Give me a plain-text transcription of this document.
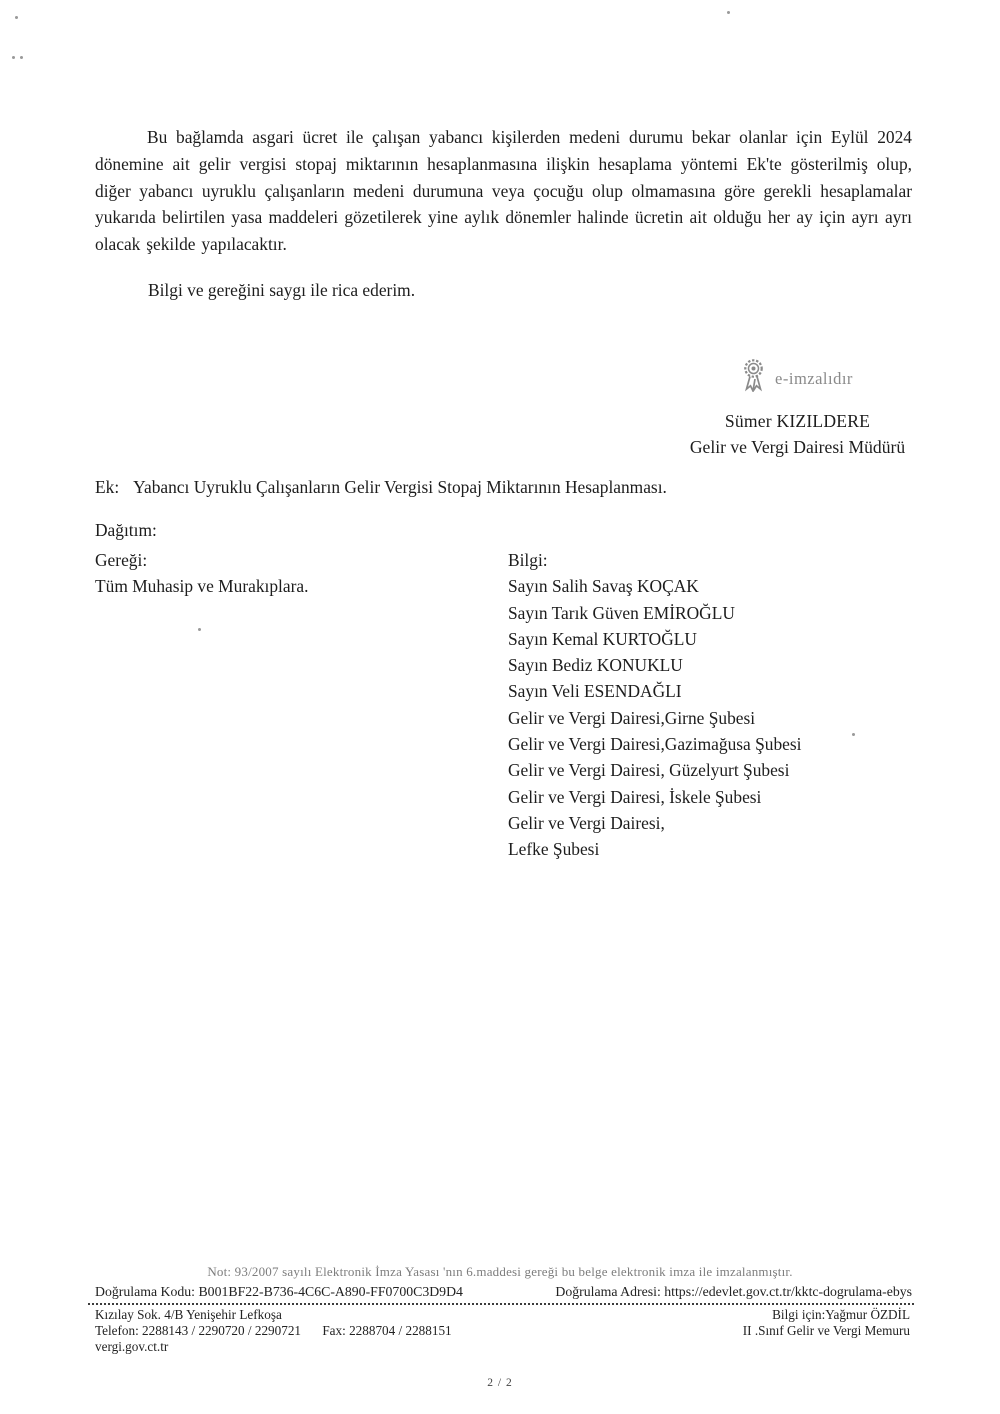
Bu bağlamda asgari ücret ile çalışan yabancı kişilerden medeni durumu bekar olanlar için Eylül 2024 dönemine ait gelir vergisi stopaj miktarının hesaplanmasına ilişkin hesaplama yöntemi Ek'te gösterilmiş olup, diğer yabancı uyruklu çalışanların medeni durumuna veya çocuğu olup olmamasına göre gerekli hesaplamalar yukarıda belirtilen yasa maddeleri gözetilerek yine aylık dönemler halinde ücretin ait olduğu her ay için ayrı ayrı olacak şekilde yapılacaktır.

Bilgi ve gereğini saygı ile rica ederim.

e-imzalıdır
Sümer KIZILDERE
Gelir ve Vergi Dairesi Müdürü

Ek: Yabancı Uyruklu Çalışanların Gelir Vergisi Stopaj Miktarının Hesaplanması.

Dağıtım:

Gereği:
Tüm Muhasip ve Murakıplara.
Bilgi:
Sayın Salih Savaş KOÇAK
Sayın Tarık Güven EMİROĞLU
Sayın Kemal KURTOĞLU
Sayın Bediz KONUKLU
Sayın Veli ESENDAĞLI
Gelir ve Vergi Dairesi,Girne Şubesi
Gelir ve Vergi Dairesi,Gazimağusa Şubesi
Gelir ve Vergi Dairesi, Güzelyurt Şubesi
Gelir ve Vergi Dairesi, İskele Şubesi
Gelir ve Vergi Dairesi,
Lefke Şubesi

Not: 93/2007 sayılı Elektronik İmza Yasası 'nın 6.maddesi gereği bu belge elektronik imza ile imzalanmıştır.

Doğrulama Kodu: B001BF22-B736-4C6C-A890-FF0700C3D9D4	Doğrulama Adresi: https://edevlet.gov.ct.tr/kktc-dogrulama-ebys
Kızılay Sok. 4/B Yenişehir Lefkoşa
Telefon: 2288143 / 2290720 / 2290721 Fax: 2288704 / 2288151
vergi.gov.ct.tr
Bilgi için:Yağmur ÖZDİL
II .Sınıf Gelir ve Vergi Memuru

2 / 2
